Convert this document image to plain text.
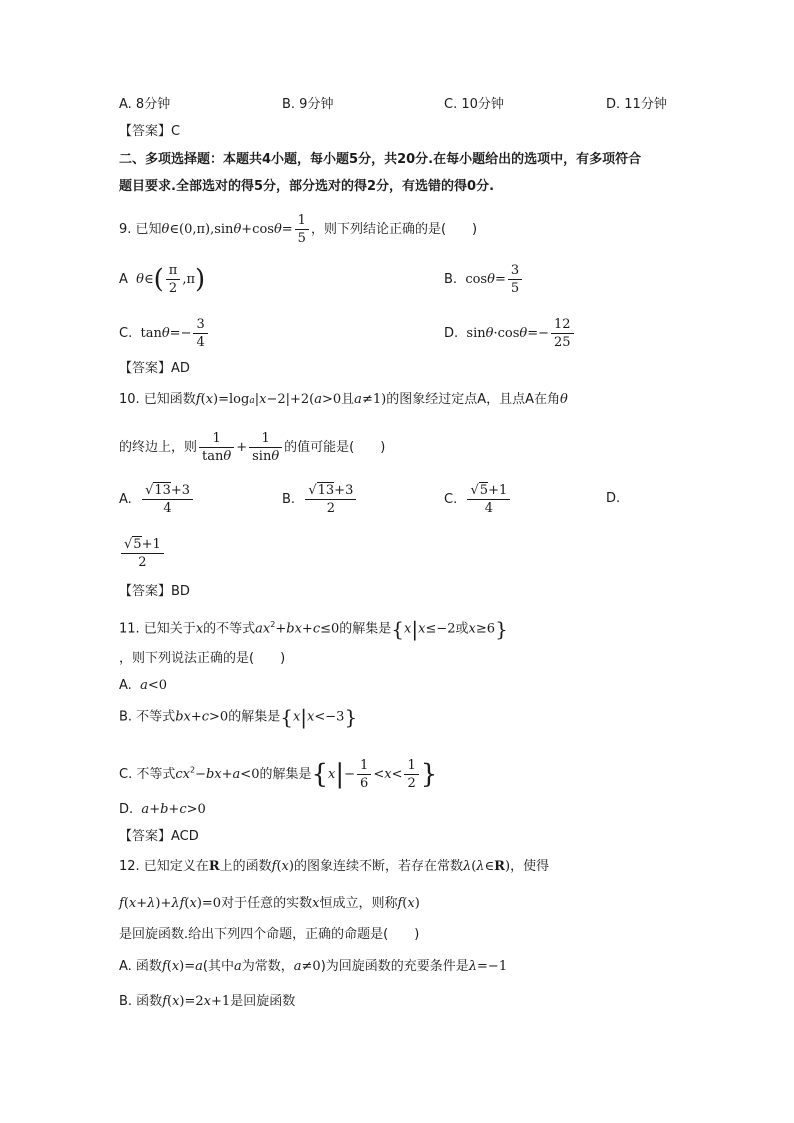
A. 8分钟	B. 9分钟	C. 10分钟	D. 11分钟
【答案】C
二、多项选择题：本题共4小题，每小题5分，共20分.在每小题给出的选项中，有多项符合
题目要求.全部选对的得5分，部分选对的得2分，有选错的得0分.
9. 已知θ∈(0,π),sinθ+cosθ= $\frac{1}{5}$ ，则下列结论正确的是(　　)
A θ∈( $\frac{\pi}{2} ,\pi$)	B. $\cos\theta= \frac{3}{5}$
C. $\tan\theta=- \frac{3}{4}$	D. $\sin\theta\cdot\cos\theta=- \frac{12}{25}$
【答案】AD
10. 已知函数f(x)=loga|x−2|+2(a>0且a≠1)的图象经过定点A，且点A在角θ
的终边上，则 $\frac{1}{\tan\theta} + \frac{1}{\sin\theta}$ 的值可能是(　　)
A. $\frac{√13+3}{4}$	B. $\frac{√13+3}{2}$	C. $\frac{√5+1}{4}$	D.
$\frac{√5+1}{2}$
【答案】BD
11. 已知关于x的不等式$ax^2+bx+c\le 0$的解集是{x|x≤−2或x≥6}
，则下列说法正确的是(　　)
A. a<0
B. 不等式bx+c>0的解集是{x|x<−3}
C. 不等式$cx^2-bx+a<0$的解集是{$x|- \frac{1}{6} <x< \frac{1}{2}$ }
D. a+b+c>0
【答案】ACD
12. 已知定义在R上的函数f(x)的图象连续不断，若存在常数λ(λ∈R)，使得
f(x+λ)+λf(x)=0对于任意的实数x恒成立，则称f(x)
是回旋函数.给出下列四个命题，正确的命题是(　　)
A. 函数f(x)=a(其中a为常数，a≠0)为回旋函数的充要条件是λ=−1
B. 函数f(x)=2x+1是回旋函数
